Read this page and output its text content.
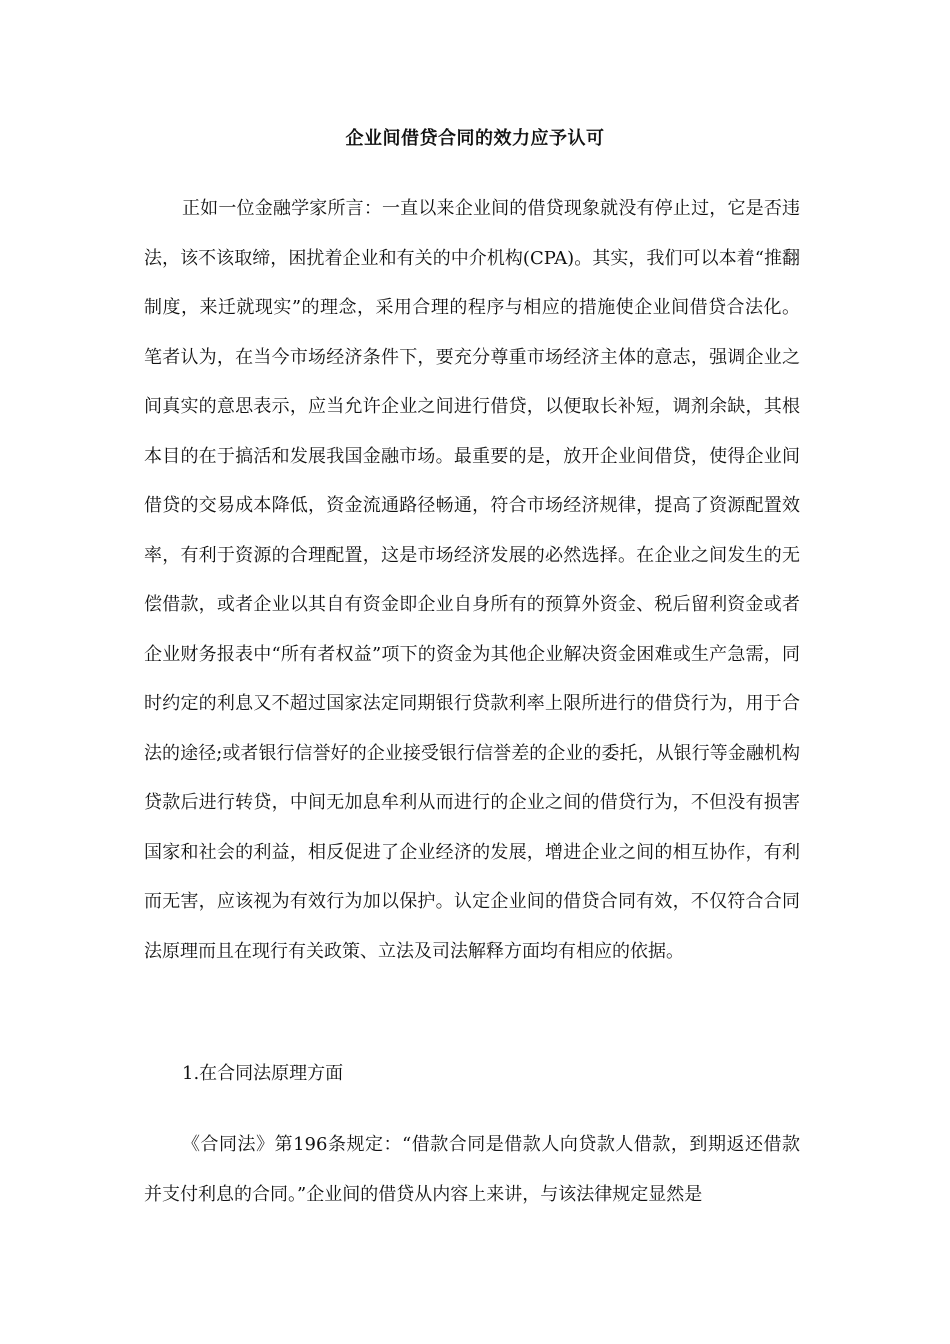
企业间借贷合同的效力应予认可

正如一位金融学家所言：一直以来企业间的借贷现象就没有停止过，它是否违法，该不该取缔，困扰着企业和有关的中介机构(CPA)。其实，我们可以本着“推翻制度，来迁就现实”的理念，采用合理的程序与相应的措施使企业间借贷合法化。笔者认为，在当今市场经济条件下，要充分尊重市场经济主体的意志，强调企业之间真实的意思表示，应当允许企业之间进行借贷，以便取长补短，调剂余缺，其根本目的在于搞活和发展我国金融市场。最重要的是，放开企业间借贷，使得企业间借贷的交易成本降低，资金流通路径畅通，符合市场经济规律，提高了资源配置效率，有利于资源的合理配置，这是市场经济发展的必然选择。在企业之间发生的无偿借款，或者企业以其自有资金即企业自身所有的预算外资金、税后留利资金或者企业财务报表中“所有者权益”项下的资金为其他企业解决资金困难或生产急需，同时约定的利息又不超过国家法定同期银行贷款利率上限所进行的借贷行为，用于合法的途径;或者银行信誉好的企业接受银行信誉差的企业的委托，从银行等金融机构贷款后进行转贷，中间无加息牟利从而进行的企业之间的借贷行为，不但没有损害国家和社会的利益，相反促进了企业经济的发展，增进企业之间的相互协作，有利而无害，应该视为有效行为加以保护。认定企业间的借贷合同有效，不仅符合合同法原理而且在现行有关政策、立法及司法解释方面均有相应的依据。

1.在合同法原理方面

《合同法》第196条规定：“借款合同是借款人向贷款人借款，到期返还借款并支付利息的合同。”企业间的借贷从内容上来讲，与该法律规定显然是
